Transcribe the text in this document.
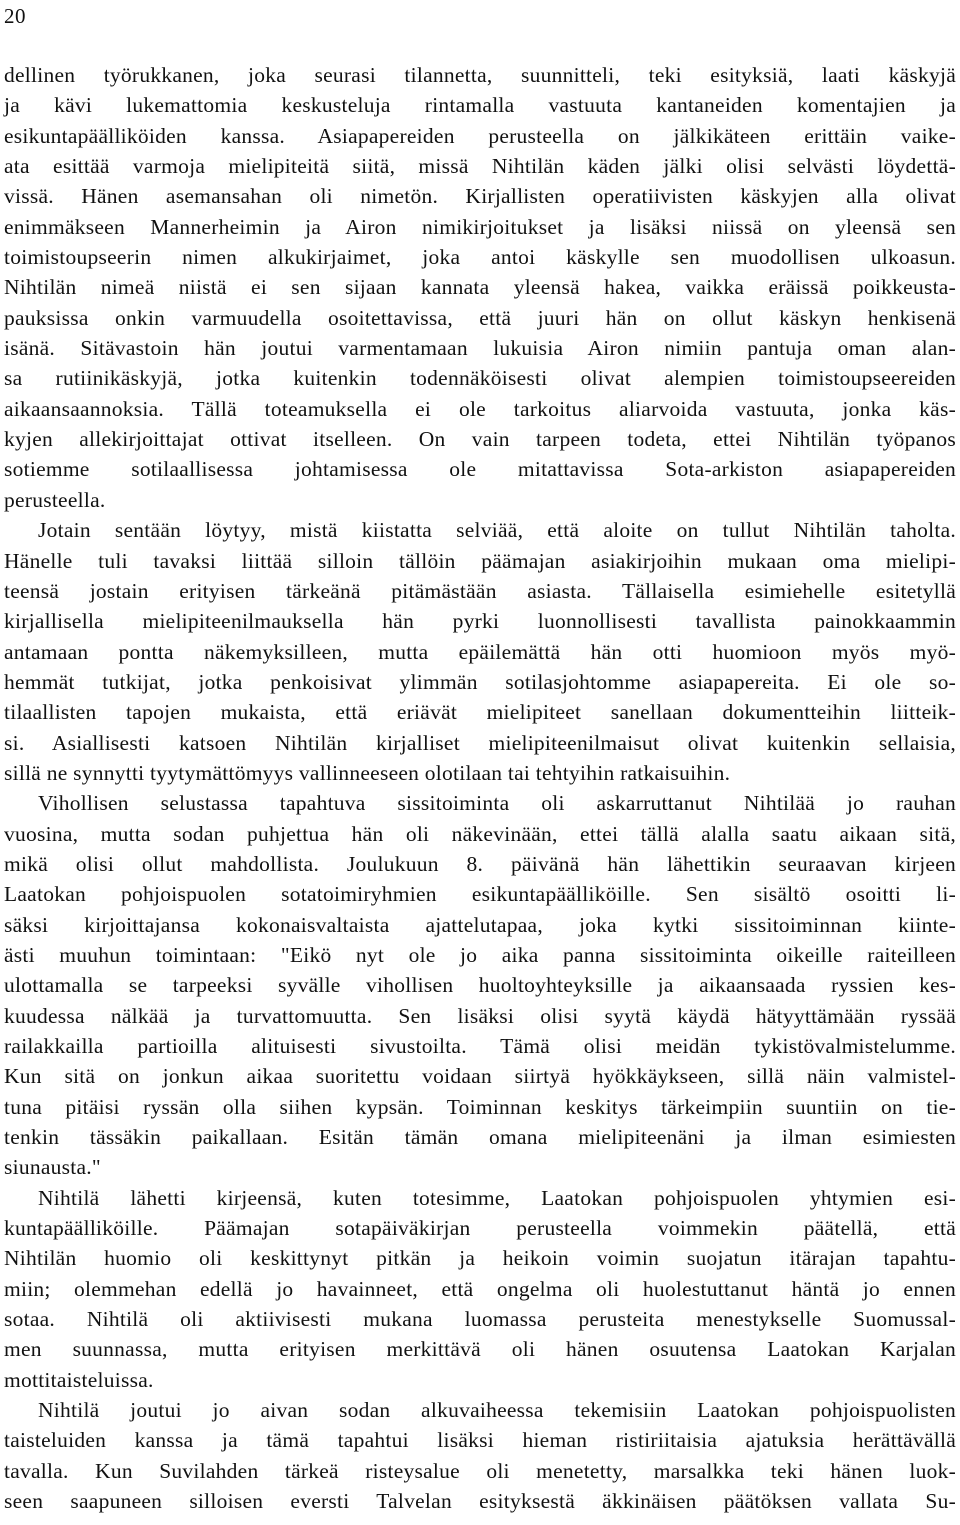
20
dellinen työrukkanen, joka seurasi tilannetta, suunnitteli, teki esityksiä, laati käskyjä
ja kävi lukemattomia keskusteluja rintamalla vastuuta kantaneiden komentajien ja
esikuntapäälliköiden kanssa. Asiapapereiden perusteella on jälkikäteen erittäin vaike-
ata esittää varmoja mielipiteitä siitä, missä Nihtilän käden jälki olisi selvästi löydettä-
vissä. Hänen asemansahan oli nimetön. Kirjallisten operatiivisten käskyjen alla olivat
enimmäkseen Mannerheimin ja Airon nimikirjoitukset ja lisäksi niissä on yleensä sen
toimistoupseerin nimen alkukirjaimet, joka antoi käskylle sen muodollisen ulkoasun.
Nihtilän nimeä niistä ei sen sijaan kannata yleensä hakea, vaikka eräissä poikkeusta-
pauksissa onkin varmuudella osoitettavissa, että juuri hän on ollut käskyn henkisenä
isänä. Sitävastoin hän joutui varmentamaan lukuisia Airon nimiin pantuja oman alan-
sa rutiinikäskyjä, jotka kuitenkin todennäköisesti olivat alempien toimistoupseereiden
aikaansaannoksia. Tällä toteamuksella ei ole tarkoitus aliarvoida vastuuta, jonka käs-
kyjen allekirjoittajat ottivat itselleen. On vain tarpeen todeta, ettei Nihtilän työpanos
sotiemme sotilaallisessa johtamisessa ole mitattavissa Sota-arkiston asiapapereiden
perusteella.
Jotain sentään löytyy, mistä kiistatta selviää, että aloite on tullut Nihtilän taholta.
Hänelle tuli tavaksi liittää silloin tällöin päämajan asiakirjoihin mukaan oma mielipi-
teensä jostain erityisen tärkeänä pitämästään asiasta. Tällaisella esimiehelle esitetyllä
kirjallisella mielipiteenilmauksella hän pyrki luonnollisesti tavallista painokkaammin
antamaan pontta näkemyksilleen, mutta epäilemättä hän otti huomioon myös myö-
hemmät tutkijat, jotka penkoisivat ylimmän sotilasjohtomme asiapapereita. Ei ole so-
tilaallisten tapojen mukaista, että eriävät mielipiteet sanellaan dokumentteihin liitteik-
si. Asiallisesti katsoen Nihtilän kirjalliset mielipiteenilmaisut olivat kuitenkin sellaisia,
sillä ne synnytti tyytymättömyys vallinneeseen olotilaan tai tehtyihin ratkaisuihin.
Vihollisen selustassa tapahtuva sissitoiminta oli askarruttanut Nihtilää jo rauhan
vuosina, mutta sodan puhjettua hän oli näkevinään, ettei tällä alalla saatu aikaan sitä,
mikä olisi ollut mahdollista. Joulukuun 8. päivänä hän lähettikin seuraavan kirjeen
Laatokan pohjoispuolen sotatoimiryhmien esikuntapäälliköille. Sen sisältö osoitti li-
säksi kirjoittajansa kokonaisvaltaista ajattelutapaa, joka kytki sissitoiminnan kiinte-
ästi muuhun toimintaan: "Eikö nyt ole jo aika panna sissitoiminta oikeille raiteilleen
ulottamalla se tarpeeksi syvälle vihollisen huoltoyhteyksille ja aikaansaada ryssien kes-
kuudessa nälkää ja turvattomuutta. Sen lisäksi olisi syytä käydä hätyyttämään ryssää
railakkailla partioilla alituisesti sivustoilta. Tämä olisi meidän tykistövalmistelumme.
Kun sitä on jonkun aikaa suoritettu voidaan siirtyä hyökkäykseen, sillä näin valmistel-
tuna pitäisi ryssän olla siihen kypsän. Toiminnan keskitys tärkeimpiin suuntiin on tie-
tenkin tässäkin paikallaan. Esitän tämän omana mielipiteenäni ja ilman esimiesten
siunausta."
Nihtilä lähetti kirjeensä, kuten totesimme, Laatokan pohjoispuolen yhtymien esi-
kuntapäälliköille. Päämajan sotapäiväkirjan perusteella voimmekin päätellä, että
Nihtilän huomio oli keskittynyt pitkän ja heikoin voimin suojatun itärajan tapahtu-
miin; olemmehan edellä jo havainneet, että ongelma oli huolestuttanut häntä jo ennen
sotaa. Nihtilä oli aktiivisesti mukana luomassa perusteita menestykselle Suomussal-
men suunnassa, mutta erityisen merkittävä oli hänen osuutensa Laatokan Karjalan
mottitaisteluissa.
Nihtilä joutui jo aivan sodan alkuvaiheessa tekemisiin Laatokan pohjoispuolisten
taisteluiden kanssa ja tämä tapahtui lisäksi hieman ristiriitaisia ajatuksia herättävällä
tavalla. Kun Suvilahden tärkeä risteysalue oli menetetty, marsalkka teki hänen luok-
seen saapuneen silloisen eversti Talvelan esityksestä äkkinäisen päätöksen vallata Su-
